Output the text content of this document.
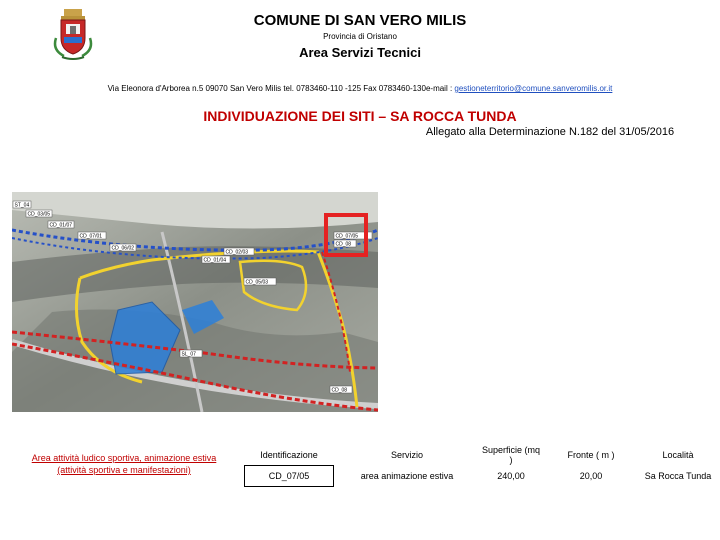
COMUNE DI SAN VERO MILIS
Provincia di Oristano
Area Servizi Tecnici
Via Eleonora d'Arborea n.5 09070 San Vero Milis tel. 0783460-110 -125 Fax 0783460-130e-mail : gestioneterritorio@comune.sanveromilis.or.it
INDIVIDUAZIONE DEI SITI – SA ROCCA TUNDA
Allegato alla Determinazione N.182 del 31/05/2016
ST_04
CD_03/05
CD_01/07
CD_07/01
CD_06/02
CD_02/03
CD_01/04
CD_07/05
CD_08
CD_05/03
SL_07
CD_08
Area attività ludico sportiva, animazione estiva
(attività sportiva e manifestazioni)
Identificazione		Servizio		Superficie (mq )		Fronte ( m )		Località
CD_07/05		area animazione estiva		240,00		20,00		Sa Rocca Tunda
